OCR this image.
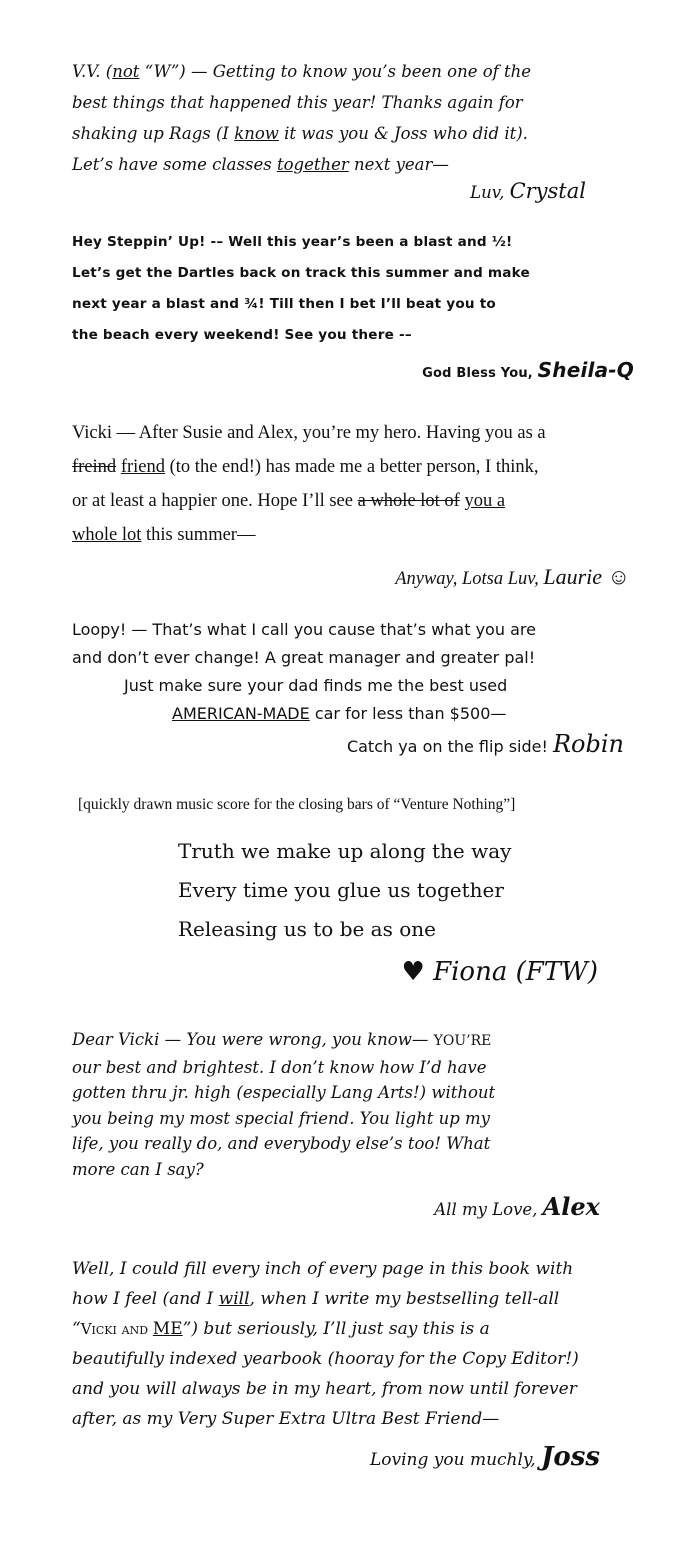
V.V. (not “W”) — Getting to know you’s been one of the
best things that happened this year! Thanks again for
shaking up Rags (I know it was you & Joss who did it).
Let’s have some classes together next year—
Luv, Crystal
Hey Steppin’ Up! -– Well this year’s been a blast and ½!
Let’s get the Dartles back on track this summer and make
next year a blast and ¾! Till then I bet I’ll beat you to
the beach every weekend! See you there -–
God Bless You, Sheila-Q
Vicki — After Susie and Alex, you’re my hero. Having you as a
freind friend (to the end!) has made me a better person, I think,
or at least a happier one. Hope I’ll see a whole lot of you a
whole lot this summer—
Anyway, Lotsa Luv, Laurie ☺
Loopy! — That’s what I call you cause that’s what you are
and don’t ever change! A great manager and greater pal!
Just make sure your dad finds me the best used
AMERICAN-MADE car for less than $500—
Catch ya on the flip side! Robin
[quickly drawn music score for the closing bars of “Venture Nothing”]
Truth we make up along the way
Every time you glue us together
Releasing us to be as one
♥ Fiona (FTW)
Dear Vicki — You were wrong, you know— YOU’RE
our best and brightest. I don’t know how I’d have
gotten thru jr. high (especially Lang Arts!) without
you being my most special friend. You light up my
life, you really do, and everybody else’s too! What
more can I say?
All my Love, Alex
Well, I could fill every inch of every page in this book with
how I feel (and I will, when I write my bestselling tell-all
“Vicki and ME”) but seriously, I’ll just say this is a
beautifully indexed yearbook (hooray for the Copy Editor!)
and you will always be in my heart, from now until forever
after, as my Very Super Extra Ultra Best Friend—
Loving you muchly, Joss
